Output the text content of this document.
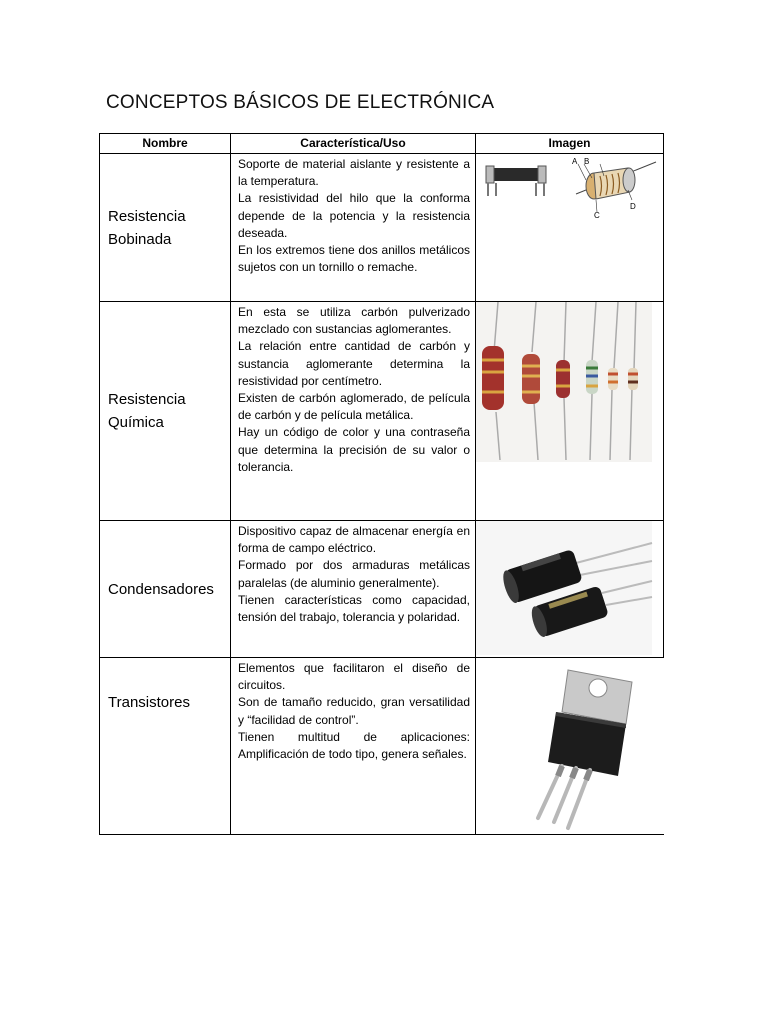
CONCEPTOS BÁSICOS DE ELECTRÓNICA
Nombre	Característica/Uso	Imagen
Resistencia Bobinada

Soporte de material aislante y resistente a la temperatura.

La resistividad del hilo que la conforma depende de la potencia y la resistencia deseada.

En los extremos tiene dos anillos metálicos sujetos con un tornillo o remache.

A B
C
D
Resistencia Química

En esta se utiliza carbón pulverizado mezclado con sustancias aglomerantes.

La relación entre cantidad de carbón y sustancia aglomerante determina la resistividad por centímetro.

Existen de carbón aglomerado, de película de carbón y de película metálica.

Hay un código de color y una contraseña que determina la precisión de su valor o tolerancia.

Condensadores

Dispositivo capaz de almacenar energía en forma de campo eléctrico.

Formado por dos armaduras metálicas paralelas (de aluminio generalmente).

Tienen características como capacidad, tensión del trabajo, tolerancia y polaridad.

Transistores

Elementos que facilitaron el diseño de circuitos.

Son de tamaño reducido, gran versatilidad y “facilidad de control”.

Tienen multitud de aplicaciones: Amplificación de todo tipo, genera señales.
